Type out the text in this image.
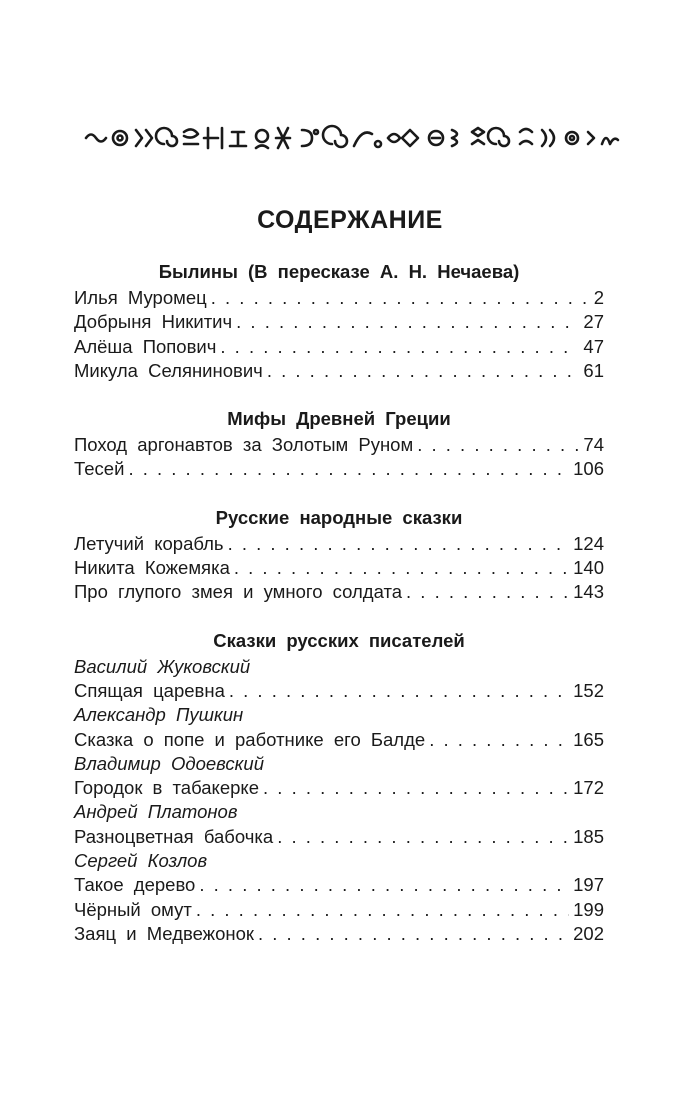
СОДЕРЖАНИЕ
Былины (В пересказе А. Н. Нечаева)
Илья Муромец . . .	2
Добрыня Никитич . . .	27
Алёша Попович . . .	47
Микула Селянинович . . .	61
Мифы Древней Греции
Поход аргонавтов за Золотым Руном . . .	74
Тесей . . .	106
Русские народные сказки
Летучий корабль . . .	124
Никита Кожемяка . . .	140
Про глупого змея и умного солдата . . .	143
Сказки русских писателей
Василий Жуковский
Спящая царевна . . .	152
Александр Пушкин
Сказка о попе и работнике его Балде . . .	165
Владимир Одоевский
Городок в табакерке . . .	172
Андрей Платонов
Разноцветная бабочка . . .	185
Сергей Козлов
Такое дерево . . .	197
Чёрный омут . . .	199
Заяц и Медвежонок . . .	202
